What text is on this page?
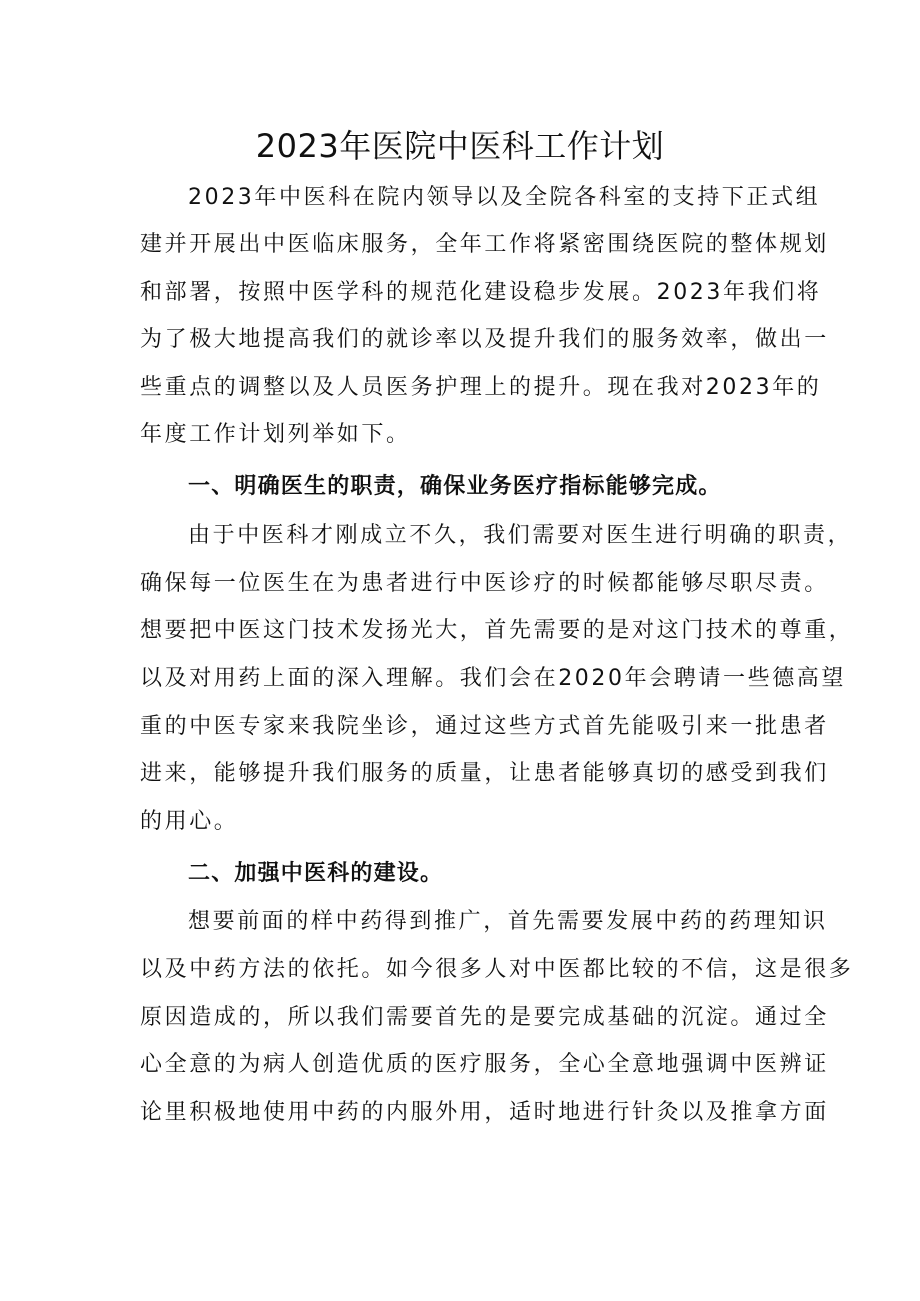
2023年医院中医科工作计划
2023年中医科在院内领导以及全院各科室的支持下正式组
建并开展出中医临床服务，全年工作将紧密围绕医院的整体规划
和部署，按照中医学科的规范化建设稳步发展。2023年我们将
为了极大地提高我们的就诊率以及提升我们的服务效率，做出一
些重点的调整以及人员医务护理上的提升。现在我对2023年的
年度工作计划列举如下。
一、明确医生的职责，确保业务医疗指标能够完成。
由于中医科才刚成立不久，我们需要对医生进行明确的职责，
确保每一位医生在为患者进行中医诊疗的时候都能够尽职尽责。
想要把中医这门技术发扬光大，首先需要的是对这门技术的尊重，
以及对用药上面的深入理解。我们会在2020年会聘请一些德高望
重的中医专家来我院坐诊，通过这些方式首先能吸引来一批患者
进来，能够提升我们服务的质量，让患者能够真切的感受到我们
的用心。
二、加强中医科的建设。
想要前面的样中药得到推广，首先需要发展中药的药理知识
以及中药方法的依托。如今很多人对中医都比较的不信，这是很多
原因造成的，所以我们需要首先的是要完成基础的沉淀。通过全
心全意的为病人创造优质的医疗服务，全心全意地强调中医辨证
论里积极地使用中药的内服外用，适时地进行针灸以及推拿方面
